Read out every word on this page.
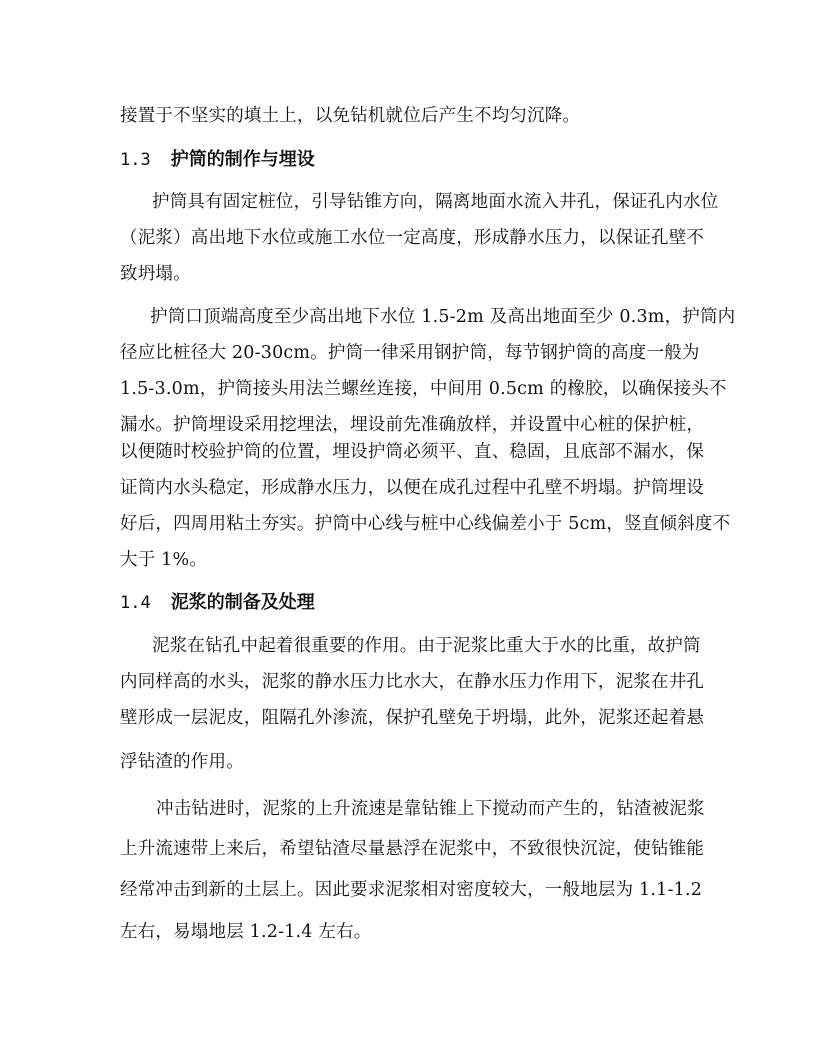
接置于不坚实的填土上，以免钻机就位后产生不均匀沉降。
1.3 护筒的制作与埋设
护筒具有固定桩位，引导钻锥方向，隔离地面水流入井孔，保证孔内水位
（泥浆）高出地下水位或施工水位一定高度，形成静水压力，以保证孔壁不
致坍塌。
护筒口顶端高度至少高出地下水位 1.5-2m 及高出地面至少 0.3m，护筒内
径应比桩径大 20-30cm。护筒一律采用钢护筒，每节钢护筒的高度一般为
1.5-3.0m，护筒接头用法兰螺丝连接，中间用 0.5cm 的橡胶，以确保接头不
漏水。护筒埋设采用挖埋法，埋设前先准确放样，并设置中心桩的保护桩，
以便随时校验护筒的位置，埋设护筒必须平、直、稳固，且底部不漏水，保
证筒内水头稳定，形成静水压力，以便在成孔过程中孔壁不坍塌。护筒埋设
好后，四周用粘土夯实。护筒中心线与桩中心线偏差小于 5cm，竖直倾斜度不
大于 1%。
1.4 泥浆的制备及处理
泥浆在钻孔中起着很重要的作用。由于泥浆比重大于水的比重，故护筒
内同样高的水头，泥浆的静水压力比水大，在静水压力作用下，泥浆在井孔
壁形成一层泥皮，阻隔孔外渗流，保护孔壁免于坍塌，此外，泥浆还起着悬
浮钻渣的作用。
冲击钻进时，泥浆的上升流速是靠钻锥上下搅动而产生的，钻渣被泥浆
上升流速带上来后，希望钻渣尽量悬浮在泥浆中，不致很快沉淀，使钻锥能
经常冲击到新的土层上。因此要求泥浆相对密度较大，一般地层为 1.1-1.2
左右，易塌地层 1.2-1.4 左右。
